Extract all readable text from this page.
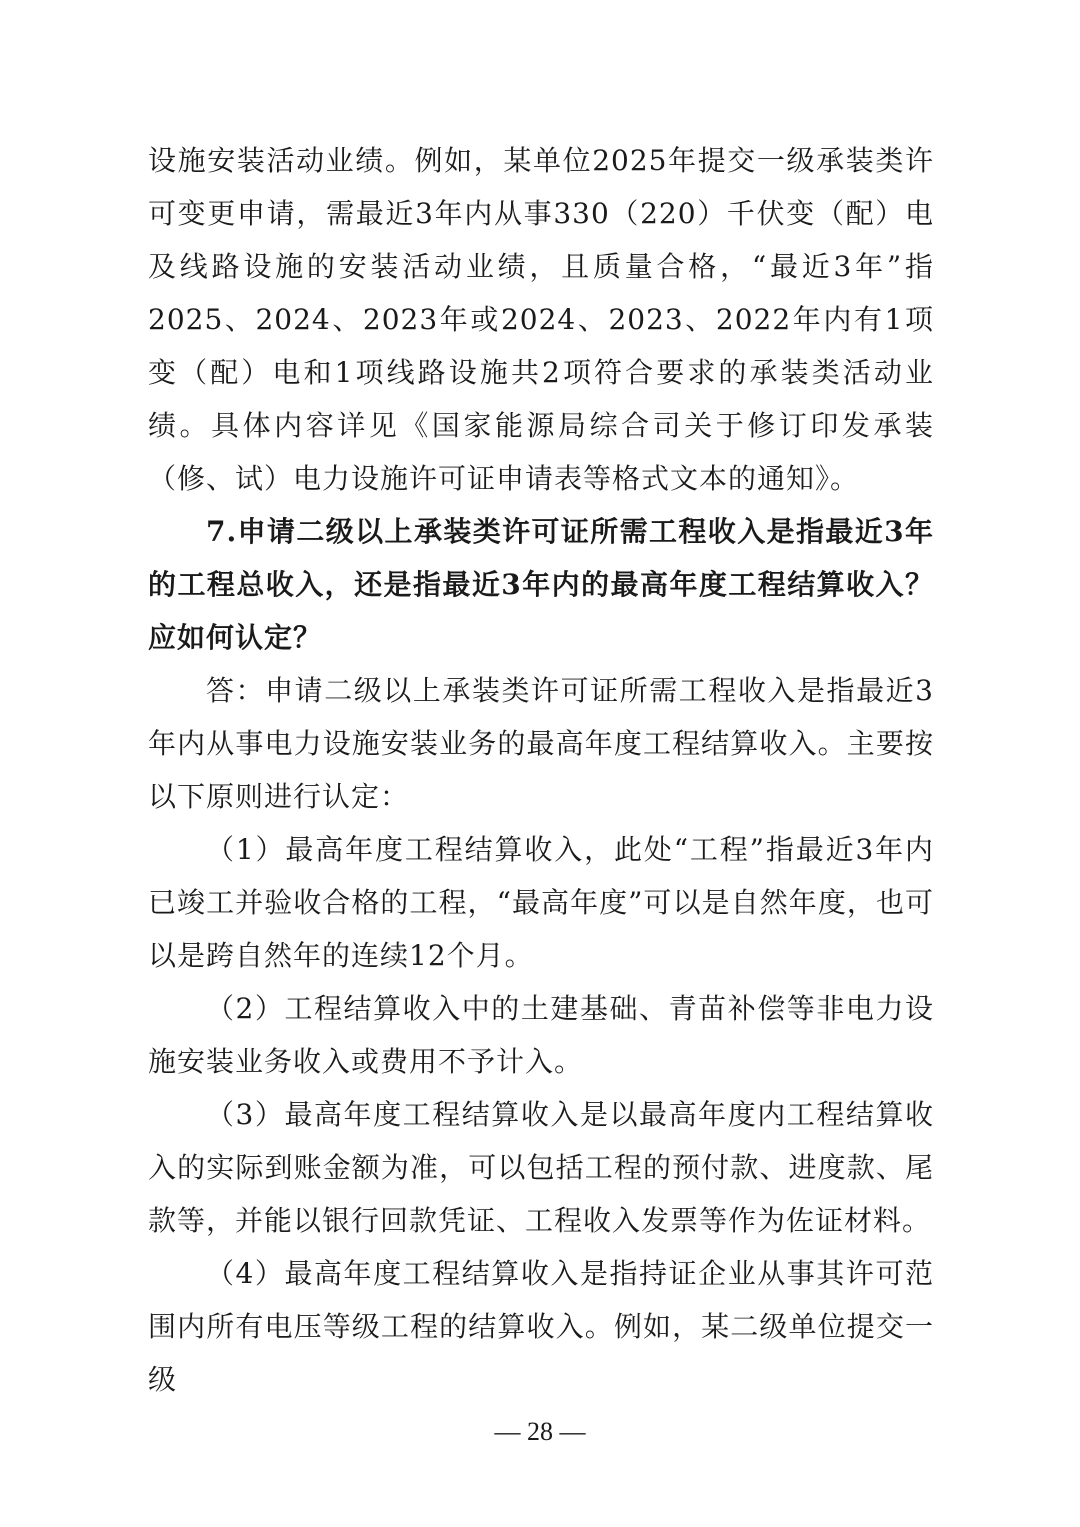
设施安装活动业绩。例如，某单位2025年提交一级承装类许可变更申请，需最近3年内从事330（220）千伏变（配）电及线路设施的安装活动业绩，且质量合格，“最近3年”指2025、2024、2023年或2024、2023、2022年内有1项变（配）电和1项线路设施共2项符合要求的承装类活动业绩。具体内容详见《国家能源局综合司关于修订印发承装（修、试）电力设施许可证申请表等格式文本的通知》。

7.申请二级以上承装类许可证所需工程收入是指最近3年的工程总收入，还是指最近3年内的最高年度工程结算收入？应如何认定？

答：申请二级以上承装类许可证所需工程收入是指最近3年内从事电力设施安装业务的最高年度工程结算收入。主要按以下原则进行认定：

（1）最高年度工程结算收入，此处“工程”指最近3年内已竣工并验收合格的工程，“最高年度”可以是自然年度，也可以是跨自然年的连续12个月。

（2）工程结算收入中的土建基础、青苗补偿等非电力设施安装业务收入或费用不予计入。

（3）最高年度工程结算收入是以最高年度内工程结算收入的实际到账金额为准，可以包括工程的预付款、进度款、尾款等，并能以银行回款凭证、工程收入发票等作为佐证材料。

（4）最高年度工程结算收入是指持证企业从事其许可范围内所有电压等级工程的结算收入。例如，某二级单位提交一级

— 28 —
